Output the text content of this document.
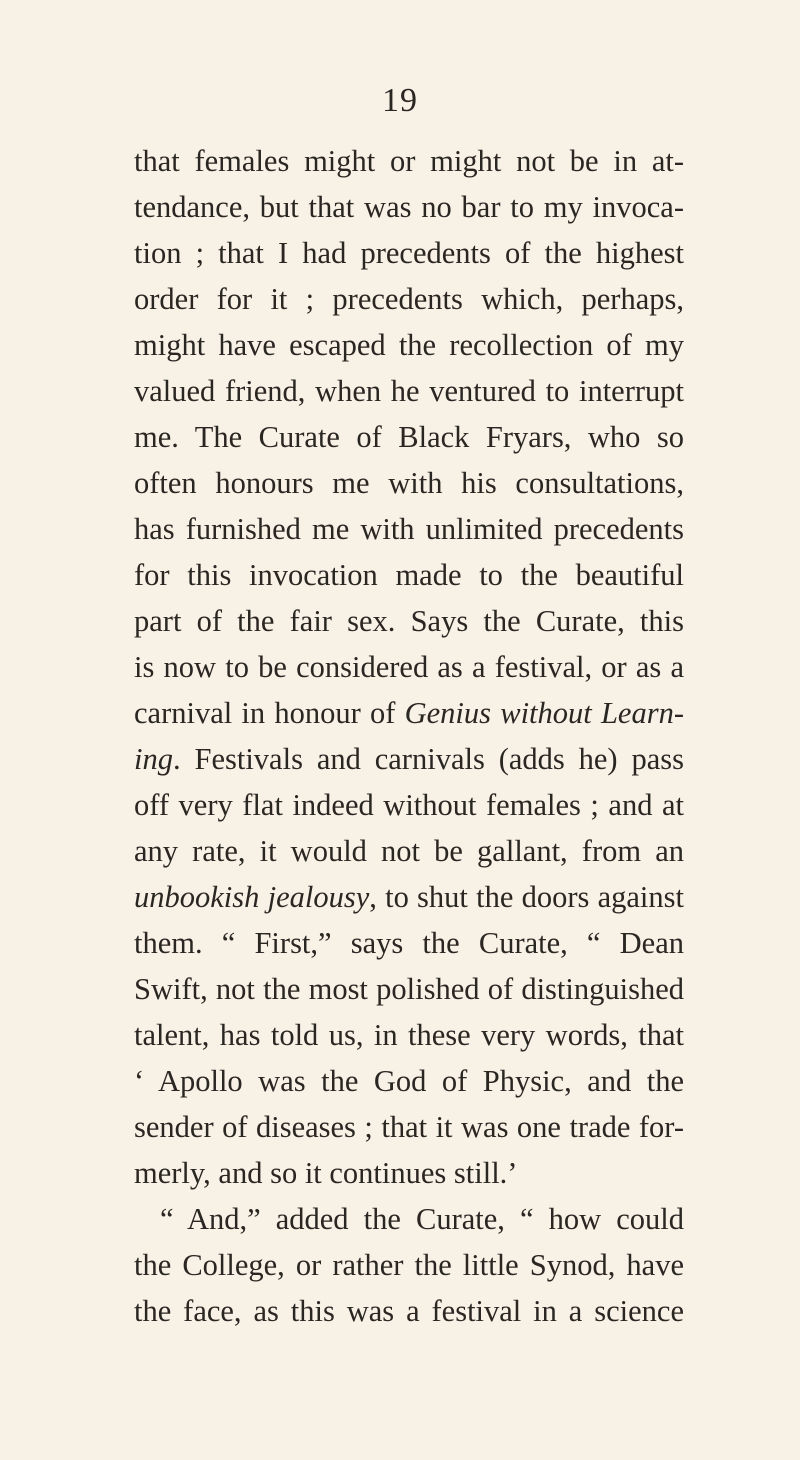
19
that females might or might not be in at-
tendance, but that was no bar to my invoca-
tion ; that I had precedents of the highest
order for it ; precedents which, perhaps,
might have escaped the recollection of my
valued friend, when he ventured to interrupt
me. The Curate of Black Fryars, who so
often honours me with his consultations,
has furnished me with unlimited precedents
for this invocation made to the beautiful
part of the fair sex. Says the Curate, this
is now to be considered as a festival, or as a
carnival in honour of Genius without Learn-
ing. Festivals and carnivals (adds he) pass
off very flat indeed without females ; and at
any rate, it would not be gallant, from an
unbookish jealousy, to shut the doors against
them. “ First,” says the Curate, “ Dean
Swift, not the most polished of distinguished
talent, has told us, in these very words, that
‘ Apollo was the God of Physic, and the
sender of diseases ; that it was one trade for-
merly, and so it continues still.’
“ And,” added the Curate, “ how could
the College, or rather the little Synod, have
the face, as this was a festival in a science
